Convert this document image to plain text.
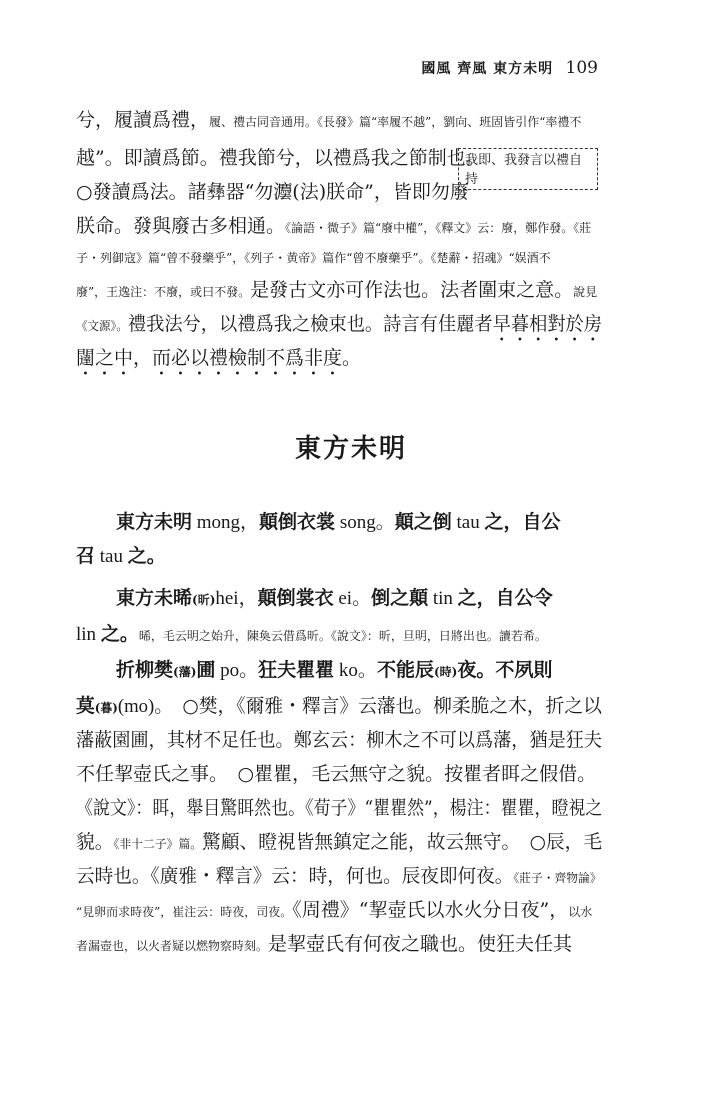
國風 齊風 東方未明 109
我即、我發言以禮自持
兮，履讀爲禮，履、禮古同音通用。《長發》篇“率履不越”，劉向、班固皆引作“率禮不
越”。即讀爲節。禮我節兮，以禮爲我之節制也。
○發讀爲法。諸彝器“勿灋(法)朕命”，皆即勿廢
朕命。發與廢古多相通。《論語・微子》篇“廢中權”，《釋文》云：廢，鄭作發。《莊
子・列御寇》篇“曾不發藥乎”，《列子・黄帝》篇作“曾不廢藥乎”。《楚辭・招魂》“娱酒不
廢”，王逸注：不廢，或曰不發。是發古文亦可作法也。法者圍束之意。說見
《文源》。禮我法兮，以禮爲我之檢束也。詩言有佳麗者早暮相對於房
闥之中，而必以禮檢制不爲非度。
東方未明
東方未明 mong，顛倒衣裳 song。顛之倒 tau 之，自公
召 tau 之。
東方未晞(昕)hei，顛倒裳衣 ei。倒之顛 tin 之，自公令
lin 之。晞，毛云明之始升，陳奐云借爲昕。《說文》：昕，旦明，日將出也。讀若希。
折柳樊(藩)圃 po。狂夫瞿瞿 ko。不能辰(時)夜。不夙則
莫(暮)(mo)。　○樊，《爾雅・釋言》云藩也。柳柔脆之木，折之以
藩蔽園圃，其材不足任也。鄭玄云：柳木之不可以爲藩，猶是狂夫
不任挈壺氏之事。　○瞿瞿，毛云無守之貌。按瞿者眲之假借。
《說文》：眲，舉目驚眲然也。《荀子》“瞿瞿然”，楊注：瞿瞿，瞪視之
貌。《非十二子》篇。驚顧、瞪視皆無鎮定之能，故云無守。　○辰，毛
云時也。《廣雅・釋言》云：時，何也。辰夜即何夜。《莊子・齊物論》
“見卵而求時夜”，崔注云：時夜，司夜。《周禮》“挈壺氏以水火分日夜”，以水
者漏壺也，以火者疑以燃物察時刻。是挈壺氏有何夜之職也。使狂夫任其
